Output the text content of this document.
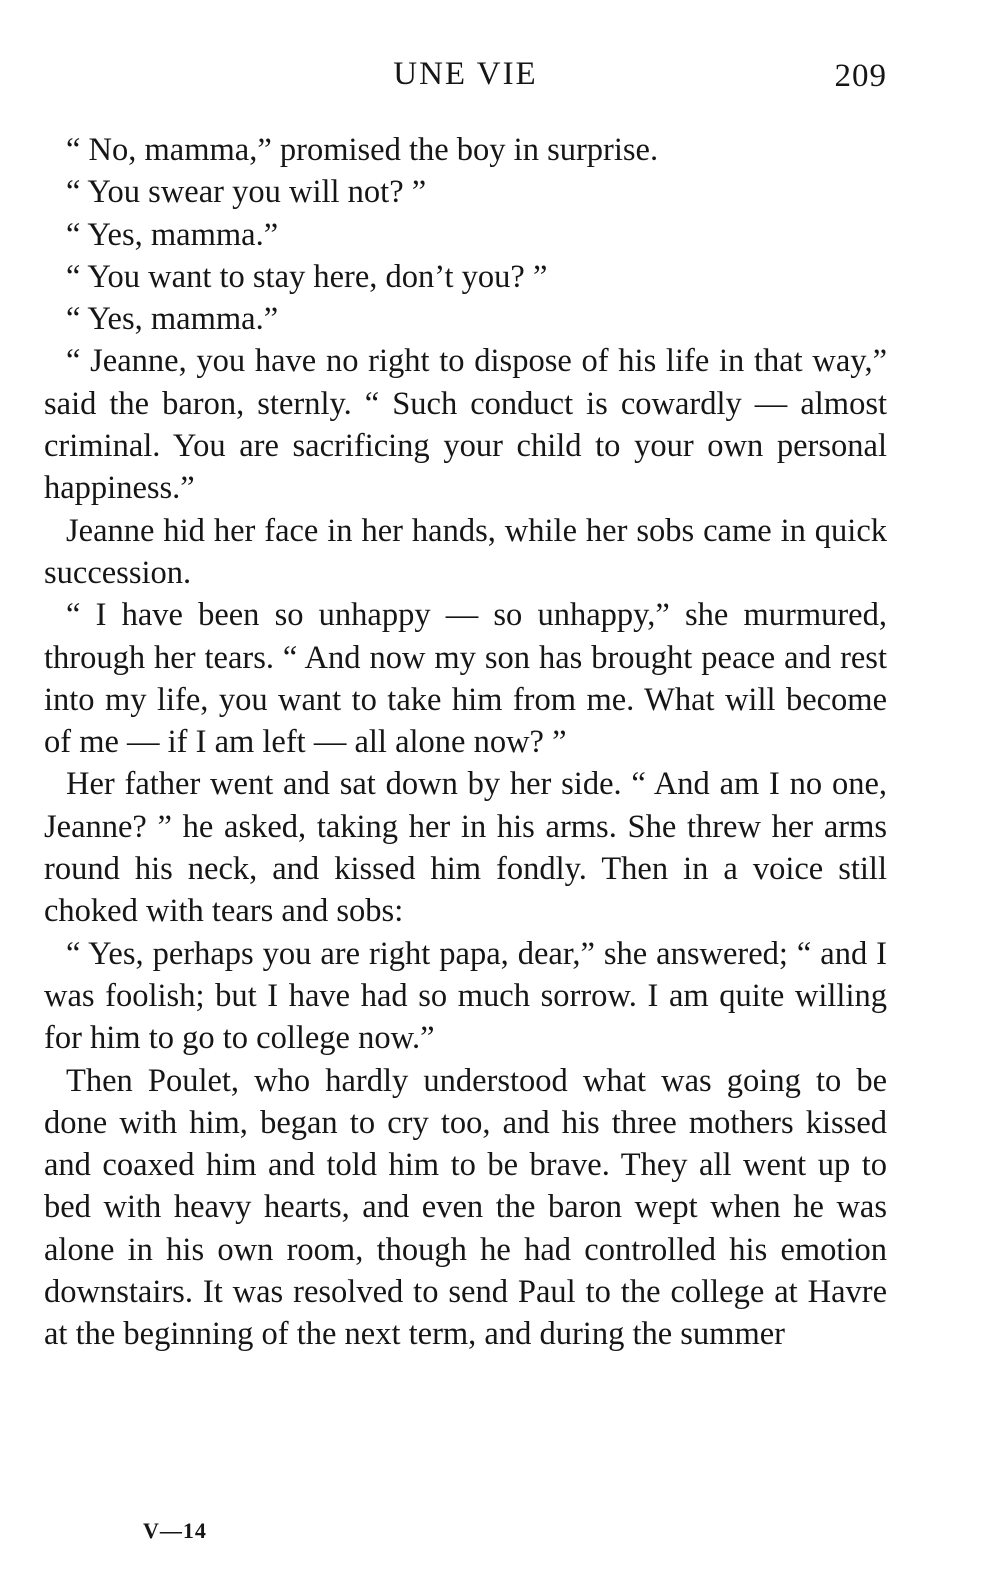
UNE VIE	209

“ No, mamma,” promised the boy in surprise.

“ You swear you will not? ”

“ Yes, mamma.”

“ You want to stay here, don’t you? ”

“ Yes, mamma.”

“ Jeanne, you have no right to dispose of his life in that way,” said the baron, sternly. “ Such conduct is cowardly — almost criminal. You are sacrificing your child to your own personal happiness.”

Jeanne hid her face in her hands, while her sobs came in quick succession.

“ I have been so unhappy — so unhappy,” she murmured, through her tears. “ And now my son has brought peace and rest into my life, you want to take him from me. What will become of me — if I am left — all alone now? ”

Her father went and sat down by her side. “ And am I no one, Jeanne? ” he asked, taking her in his arms. She threw her arms round his neck, and kissed him fondly. Then in a voice still choked with tears and sobs:

“ Yes, perhaps you are right papa, dear,” she answered; “ and I was foolish; but I have had so much sorrow. I am quite willing for him to go to college now.”

Then Poulet, who hardly understood what was going to be done with him, began to cry too, and his three mothers kissed and coaxed him and told him to be brave. They all went up to bed with heavy hearts, and even the baron wept when he was alone in his own room, though he had controlled his emotion downstairs. It was resolved to send Paul to the college at Havre at the beginning of the next term, and during the summer

V—14
